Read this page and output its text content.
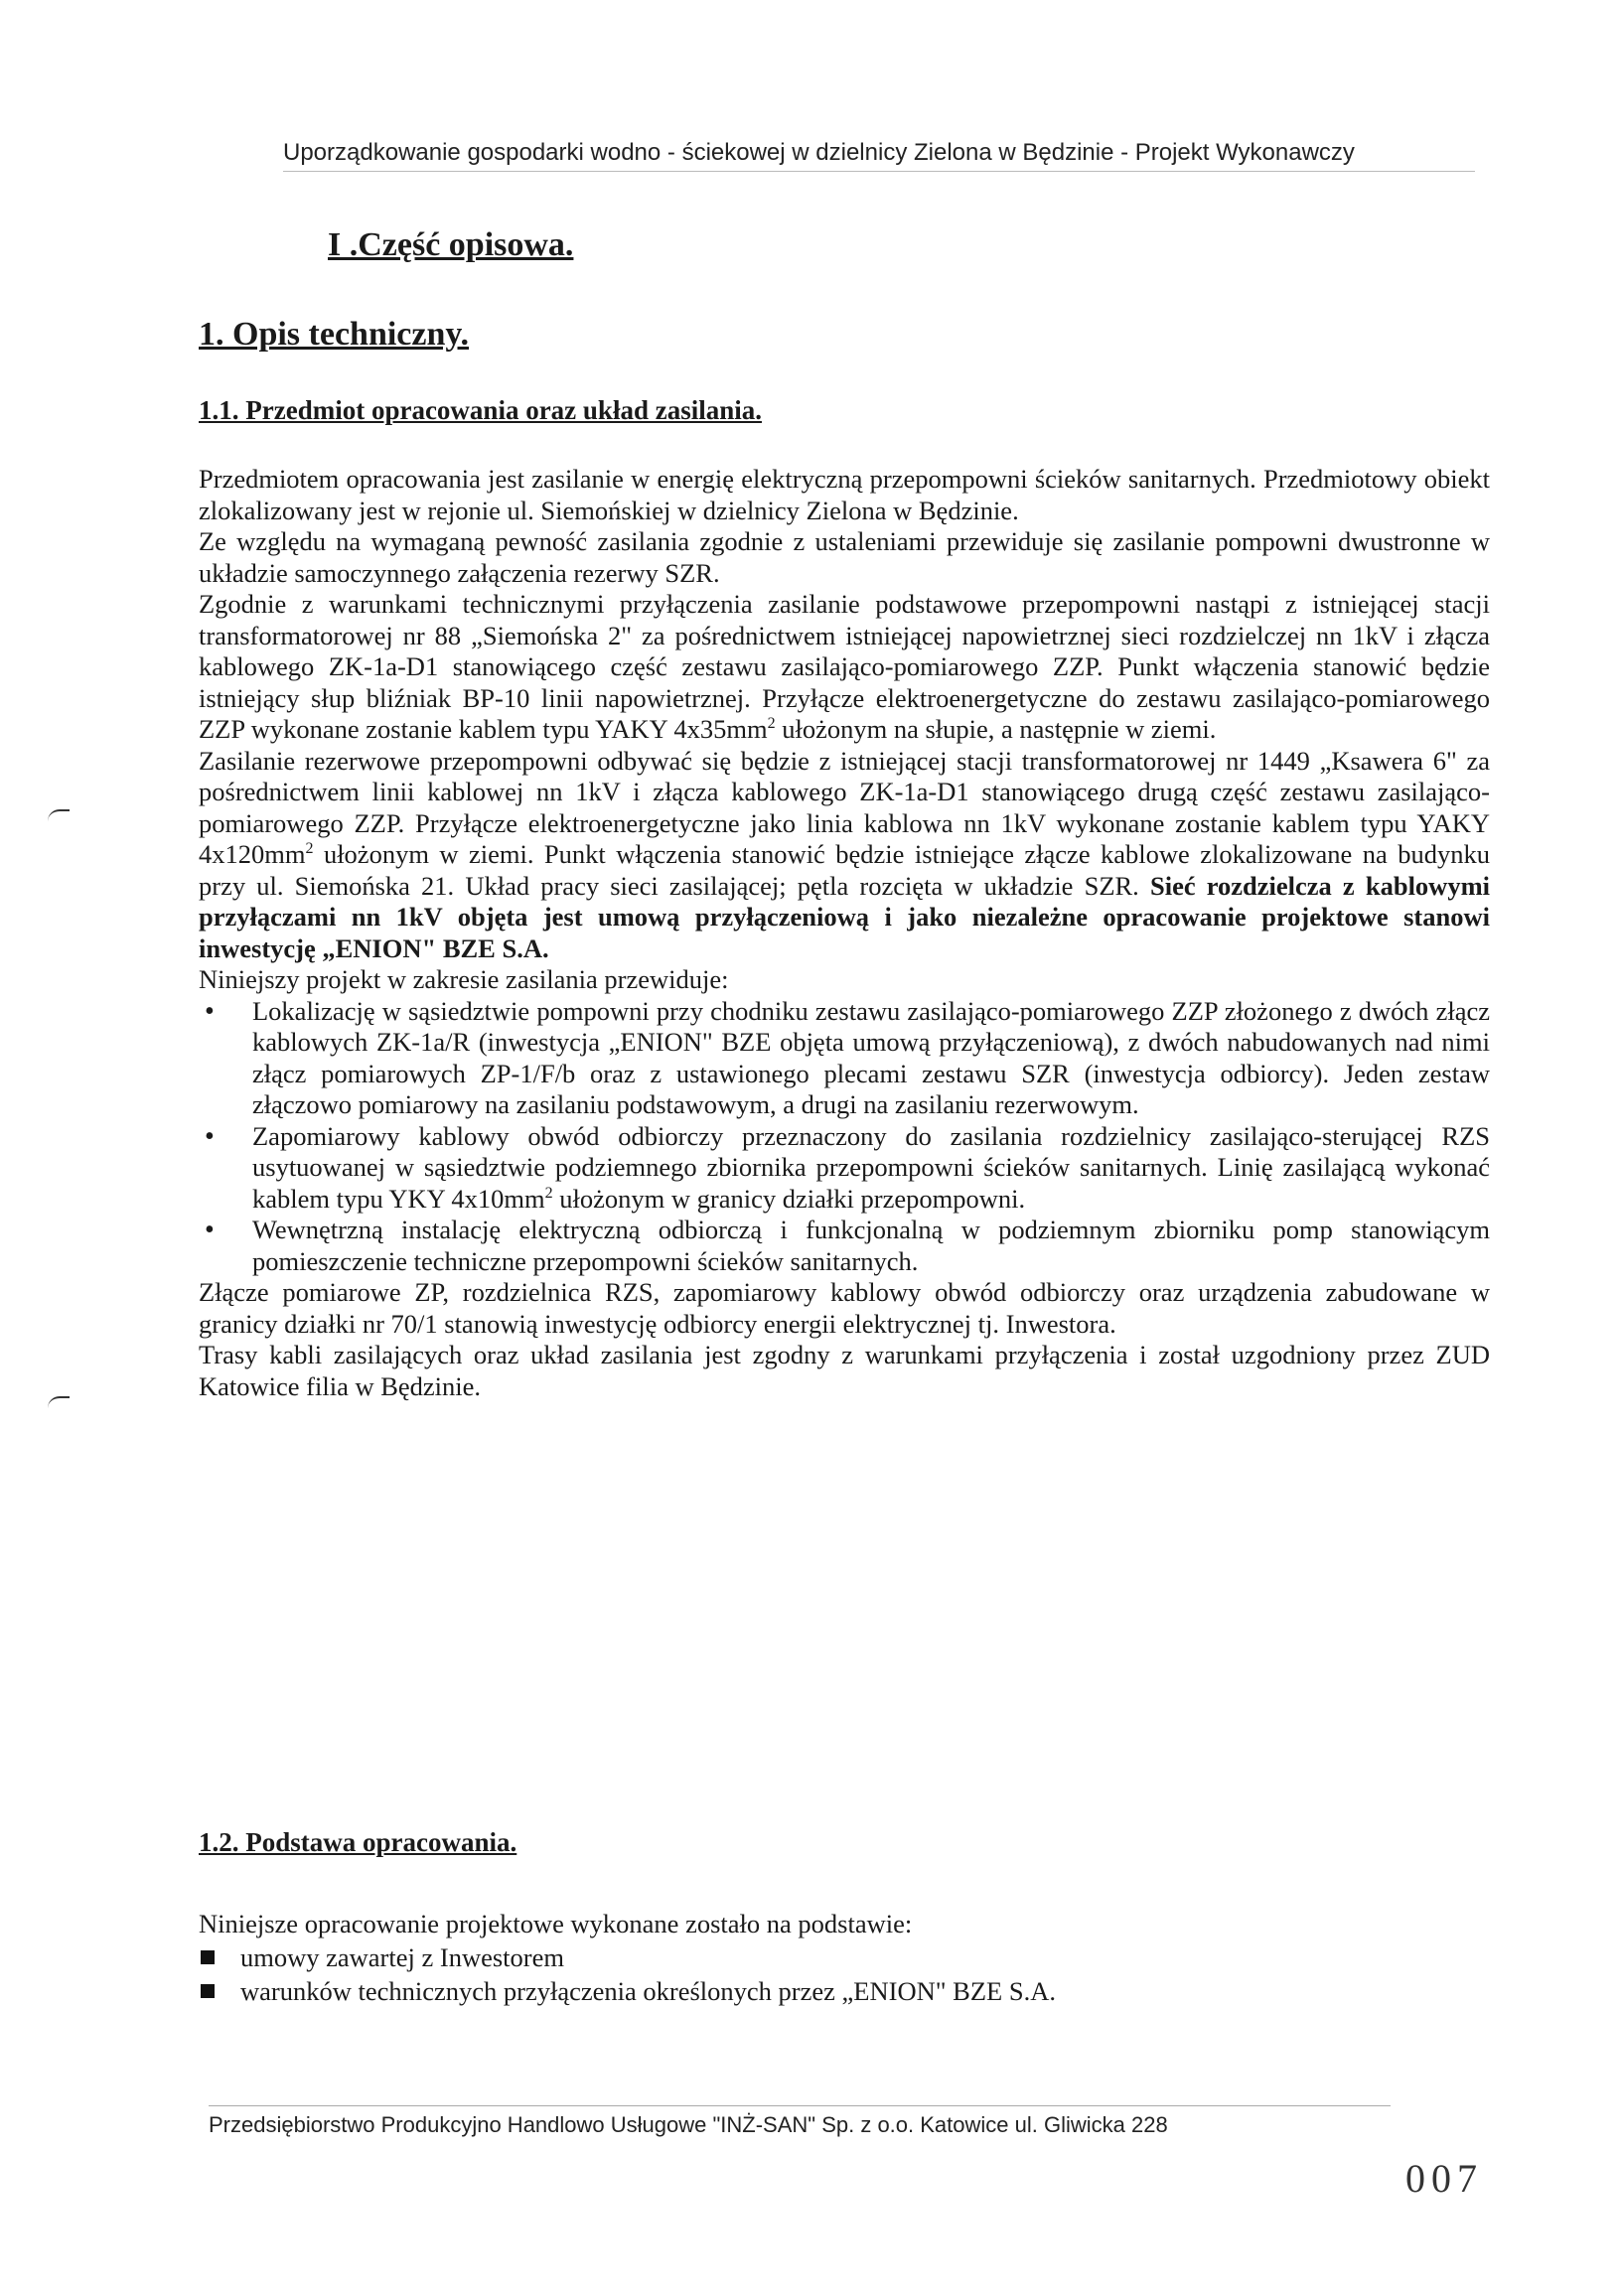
Uporządkowanie gospodarki wodno - ściekowej w dzielnicy Zielona w Będzinie - Projekt Wykonawczy
I .Część opisowa.
1. Opis techniczny.
1.1. Przedmiot opracowania oraz układ zasilania.

Przedmiotem opracowania jest zasilanie w energię elektryczną przepompowni ścieków sanitarnych. Przedmiotowy obiekt zlokalizowany jest w rejonie ul. Siemońskiej w dzielnicy Zielona w Będzinie.

Ze względu na wymaganą pewność zasilania zgodnie z ustaleniami przewiduje się zasilanie pompowni dwustronne w układzie samoczynnego załączenia rezerwy SZR.

Zgodnie z warunkami technicznymi przyłączenia zasilanie podstawowe przepompowni nastąpi z istniejącej stacji transformatorowej nr 88 „Siemońska 2" za pośrednictwem istniejącej napowietrznej sieci rozdzielczej nn 1kV i złącza kablowego ZK-1a-D1 stanowiącego część zestawu zasilająco-pomiarowego ZZP. Punkt włączenia stanowić będzie istniejący słup bliźniak BP-10 linii napowietrznej. Przyłącze elektroenergetyczne do zestawu zasilająco-pomiarowego ZZP wykonane zostanie kablem typu YAKY $4x35mm^2$ ułożonym na słupie, a następnie w ziemi.

Zasilanie rezerwowe przepompowni odbywać się będzie z istniejącej stacji transformatorowej nr 1449 „Ksawera 6" za pośrednictwem linii kablowej nn 1kV i złącza kablowego ZK-1a-D1 stanowiącego drugą część zestawu zasilająco-pomiarowego ZZP. Przyłącze elektroenergetyczne jako linia kablowa nn 1kV wykonane zostanie kablem typu YAKY $4x120mm^2$ ułożonym w ziemi. Punkt włączenia stanowić będzie istniejące złącze kablowe zlokalizowane na budynku przy ul. Siemońska 21. Układ pracy sieci zasilającej; pętla rozcięta w układzie SZR. Sieć rozdzielcza z kablowymi przyłączami nn 1kV objęta jest umową przyłączeniową i jako niezależne opracowanie projektowe stanowi inwestycję „ENION" BZE S.A.

Niniejszy projekt w zakresie zasilania przewiduje:

• Lokalizację w sąsiedztwie pompowni przy chodniku zestawu zasilająco-pomiarowego ZZP złożonego z dwóch złącz kablowych ZK-1a/R (inwestycja „ENION" BZE objęta umową przyłączeniową), z dwóch nabudowanych nad nimi złącz pomiarowych ZP-1/F/b oraz z ustawionego plecami zestawu SZR (inwestycja odbiorcy). Jeden zestaw złączowo pomiarowy na zasilaniu podstawowym, a drugi na zasilaniu rezerwowym.
• Zapomiarowy kablowy obwód odbiorczy przeznaczony do zasilania rozdzielnicy zasilająco-sterującej RZS usytuowanej w sąsiedztwie podziemnego zbiornika przepompowni ścieków sanitarnych. Linię zasilającą wykonać kablem typu YKY $4x10mm^2$ ułożonym w granicy działki przepompowni.
• Wewnętrzną instalację elektryczną odbiorczą i funkcjonalną w podziemnym zbiorniku pomp stanowiącym pomieszczenie techniczne przepompowni ścieków sanitarnych.

Złącze pomiarowe ZP, rozdzielnica RZS, zapomiarowy kablowy obwód odbiorczy oraz urządzenia zabudowane w granicy działki nr 70/1 stanowią inwestycję odbiorcy energii elektrycznej tj. Inwestora.

Trasy kabli zasilających oraz układ zasilania jest zgodny z warunkami przyłączenia i został uzgodniony przez ZUD Katowice filia w Będzinie.

1.2. Podstawa opracowania.

Niniejsze opracowanie projektowe wykonane zostało na podstawie:

umowy zawartej z Inwestorem
warunków technicznych przyłączenia określonych przez „ENION" BZE S.A.
Przedsiębiorstwo Produkcyjno Handlowo Usługowe "INŻ-SAN" Sp. z o.o. Katowice ul. Gliwicka 228
007
